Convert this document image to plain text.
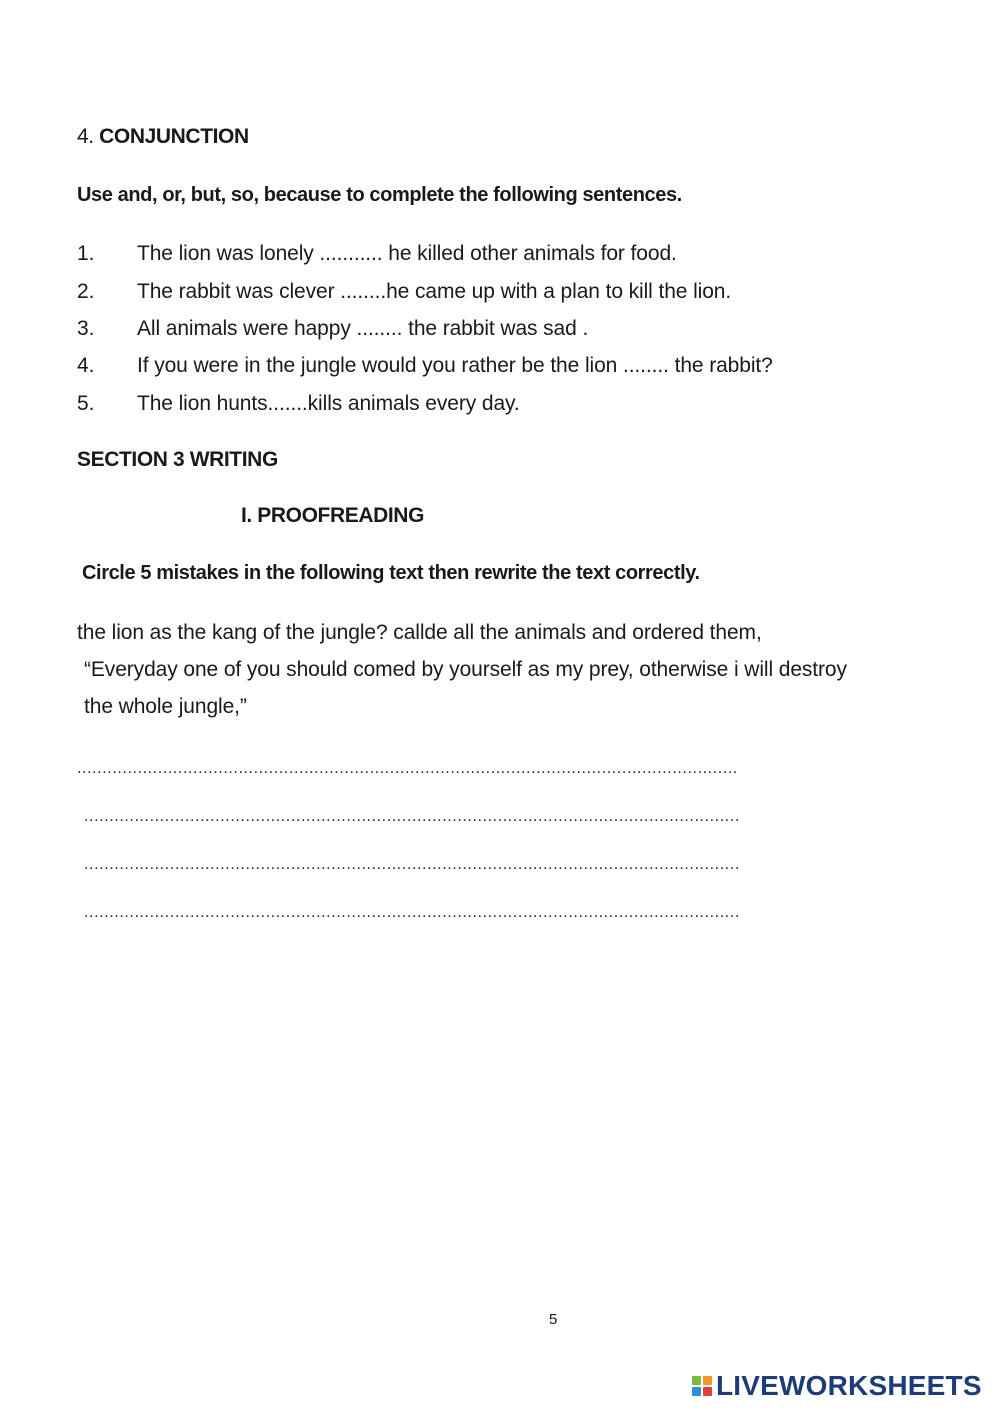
4. CONJUNCTION
Use and, or, but, so, because to complete the following sentences.
1. The lion was lonely ........... he killed other animals for food.
2. The rabbit was clever ........he came up with a plan to kill the lion.
3. All animals were happy ........ the rabbit was sad .
4. If you were in the jungle would you rather be the lion ........ the rabbit?
5. The lion hunts.......kills animals every day.
SECTION 3 WRITING
I. PROOFREADING
Circle 5 mistakes in the following text then rewrite the text correctly.
the lion as the kang of the jungle? callde all the animals and ordered them,
“Everyday one of you should comed by yourself as my prey, otherwise i will destroy
the whole jungle,”
...................................................................................................................................
..................................................................................................................................
..................................................................................................................................
..................................................................................................................................
5
LIVEWORKSHEETS
